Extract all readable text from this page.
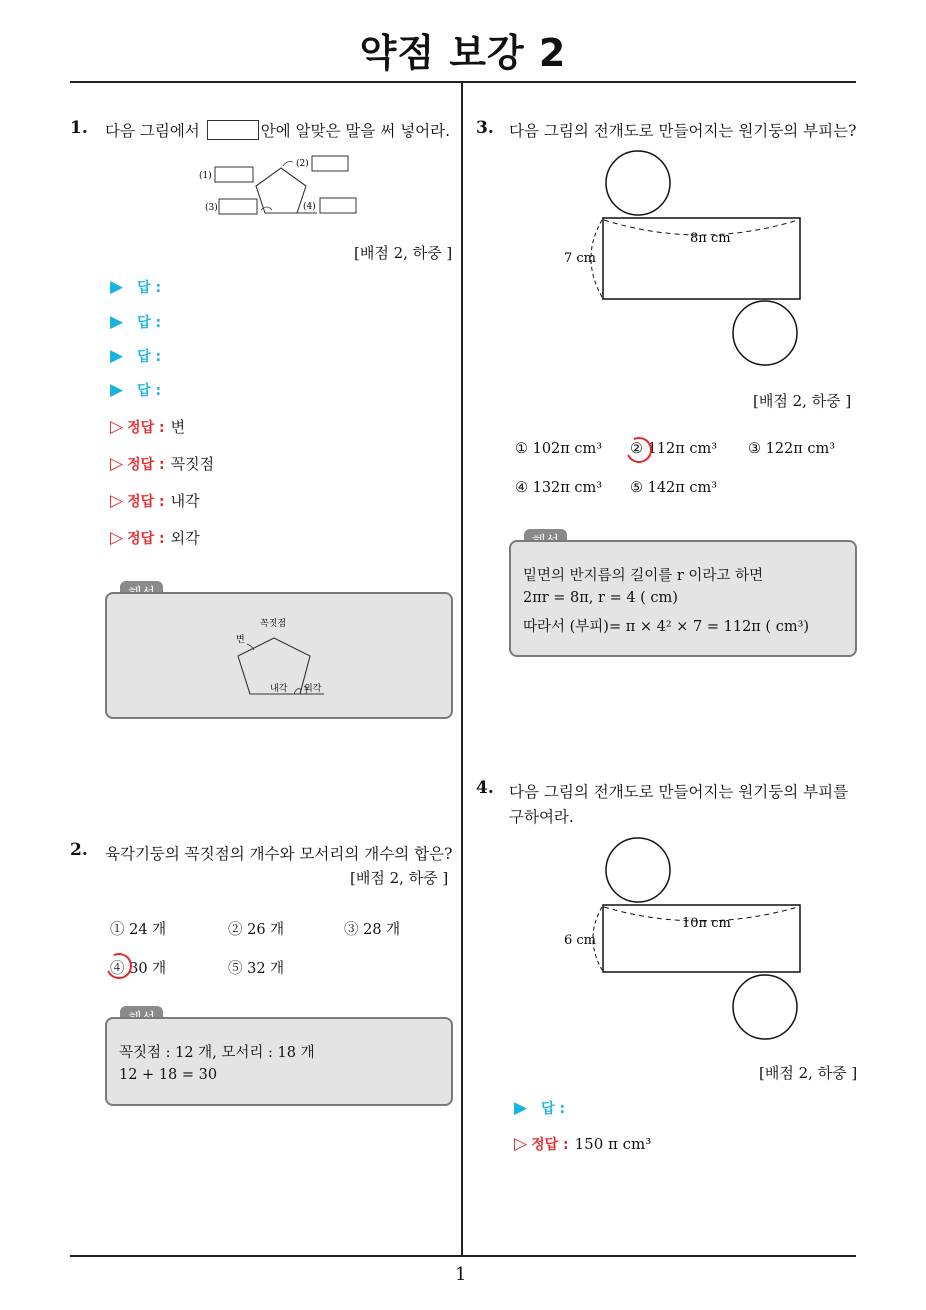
약점 보강 2
1
1. 다음 그림에서	안에 알맞은 말을 써 넣어라.
(1)
(2)
(3)	(4)
[배점 2, 하중 ]
▶ 답 :
▶ 답 :
▶ 답 :
▶ 답 :
▷ 정답 : 변
▷ 정답 : 꼭짓점
▷ 정답 : 내각
▷ 정답 : 외각
꼭짓점
변
내각 외각
2. 육각기둥의 꼭짓점의 개수와 모서리의 개수의 합은?
[배점 2, 하중 ]
① 24 개	② 26 개	③ 28 개
④ 30 개	⑤ 32 개
꼭짓점 : 12 개, 모서리 : 18 개
12 + 18 = 30
3. 다음 그림의 전개도로 만들어지는 원기둥의 부피는?
8π cm
7 cm
[배점 2, 하중 ]
① 102π cm³ ② 112π cm³ ③ 122π cm³
④ 132π cm³ ⑤ 142π cm³
밑면의 반지름의 길이를 r 이라고 하면
2πr = 8π, r = 4 ( cm)
따라서 (부피)= π × 4² × 7 = 112π ( cm³)
4. 다음 그림의 전개도로 만들어지는 원기둥의 부피를
구하여라.
10π cm
6 cm
[배점 2, 하중 ]
▶ 답 :
▷ 정답 : 150 π cm³
